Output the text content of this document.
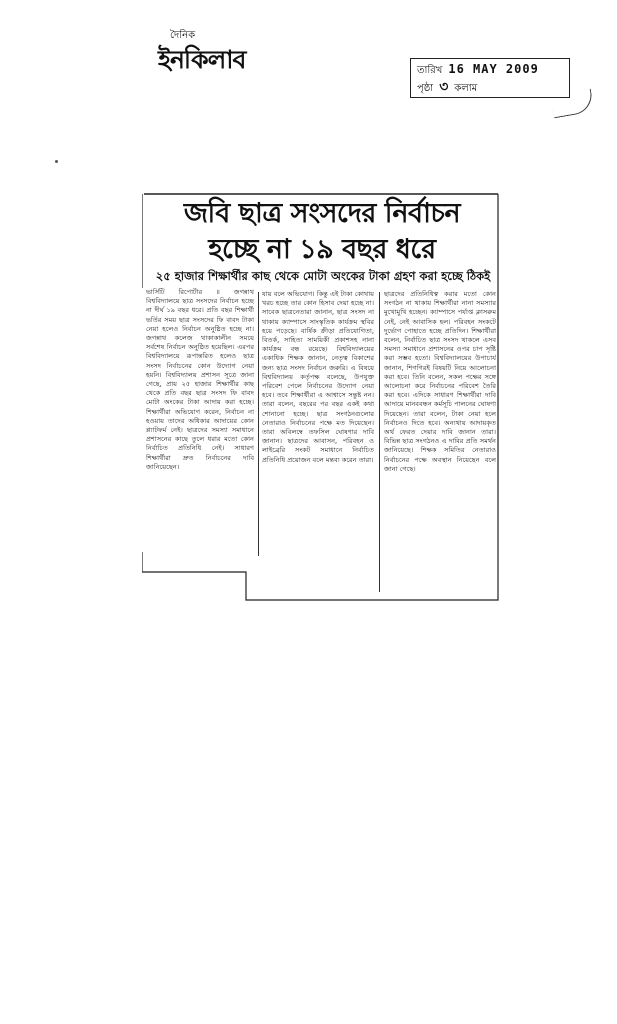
দৈনিক
ইনকিলাব	তারিখ 16 MAY 2009
পৃষ্ঠা ৩ কলাম
জবি ছাত্র সংসদের নির্বাচন
হচ্ছে না ১৯ বছর ধরে
২৫ হাজার শিক্ষার্থীর কাছ থেকে মোটা অংকের টাকা গ্রহণ করা হচ্ছে ঠিকই
ভার্সিটি রিপোর্টার ॥ জগন্নাথ বিশ্ববিদ্যালয়ে ছাত্র সংসদের নির্বাচন হচ্ছে না দীর্ঘ ১৯ বছর ধরে। প্রতি বছর শিক্ষার্থী ভর্তির সময় ছাত্র সংসদের ফি বাবদ টাকা নেয়া হলেও নির্বাচন অনুষ্ঠিত হচ্ছে না। জগন্নাথ কলেজ থাকাকালীন সময়ে সর্বশেষ নির্বাচন অনুষ্ঠিত হয়েছিল। এরপর বিশ্ববিদ্যালয়ে রূপান্তরিত হলেও ছাত্র সংসদ নির্বাচনের কোন উদ্যোগ নেয়া হয়নি। বিশ্ববিদ্যালয় প্রশাসন সূত্রে জানা গেছে, প্রায় ২৫ হাজার শিক্ষার্থীর কাছ থেকে প্রতি বছর ছাত্র সংসদ ফি বাবদ মোটা অংকের টাকা আদায় করা হচ্ছে। শিক্ষার্থীরা অভিযোগ করেন, নির্বাচন না হওয়ায় তাদের অধিকার আদায়ের কোন প্ল্যাটফর্ম নেই। ছাত্রদের সমস্যা সমাধানে প্রশাসনের কাছে তুলে ধরার মতো কোন নির্বাচিত প্রতিনিধি নেই। সাধারণ শিক্ষার্থীরা দ্রুত নির্বাচনের দাবি জানিয়েছেন।
যায় বলে অভিযোগ। কিন্তু এই টাকা কোথায় খরচ হচ্ছে তার কোন হিসাব দেয়া হচ্ছে না। সাবেক ছাত্রনেতারা জানান, ছাত্র সংসদ না থাকায় ক্যাম্পাসে সাংস্কৃতিক কার্যক্রম স্থবির হয়ে পড়েছে। বার্ষিক ক্রীড়া প্রতিযোগিতা, বিতর্ক, সাহিত্য সাময়িকী প্রকাশসহ নানা কার্যক্রম বন্ধ রয়েছে। বিশ্ববিদ্যালয়ের একাধিক শিক্ষক জানান, নেতৃত্ব বিকাশের জন্য ছাত্র সংসদ নির্বাচন জরুরি। এ বিষয়ে বিশ্ববিদ্যালয় কর্তৃপক্ষ বলেছে, উপযুক্ত পরিবেশ পেলে নির্বাচনের উদ্যোগ নেয়া হবে। তবে শিক্ষার্থীরা এ আশ্বাসে সন্তুষ্ট নন। তারা বলেন, বছরের পর বছর একই কথা শোনানো হচ্ছে। ছাত্র সংগঠনগুলোর নেতারাও নির্বাচনের পক্ষে মত দিয়েছেন। তারা অবিলম্বে তফসিল ঘোষণার দাবি জানান। ছাত্রদের আবাসন, পরিবহন ও লাইব্রেরি সংকট সমাধানে নির্বাচিত প্রতিনিধি প্রয়োজন বলে মন্তব্য করেন তারা।
ছাত্রদের প্রতিনিধিত্ব করার মতো কোন সংগঠন না থাকায় শিক্ষার্থীরা নানা সমস্যার মুখোমুখি হচ্ছেন। ক্যাম্পাসে পর্যাপ্ত ক্লাসরুম নেই, নেই আবাসিক হল। পরিবহন সংকটে দুর্ভোগ পোহাতে হচ্ছে প্রতিদিন। শিক্ষার্থীরা বলেন, নির্বাচিত ছাত্র সংসদ থাকলে এসব সমস্যা সমাধানে প্রশাসনের ওপর চাপ সৃষ্টি করা সম্ভব হতো। বিশ্ববিদ্যালয়ের উপাচার্য জানান, শিগগিরই বিষয়টি নিয়ে আলোচনা করা হবে। তিনি বলেন, সকল পক্ষের সঙ্গে আলোচনা করে নির্বাচনের পরিবেশ তৈরি করা হবে। এদিকে সাধারণ শিক্ষার্থীরা দাবি আদায়ে মানববন্ধন কর্মসূচি পালনের ঘোষণা দিয়েছেন। তারা বলেন, টাকা নেয়া হলে নির্বাচনও দিতে হবে। অন্যথায় আদায়কৃত অর্থ ফেরত দেয়ার দাবি জানান তারা। বিভিন্ন ছাত্র সংগঠনও এ দাবির প্রতি সমর্থন জানিয়েছে। শিক্ষক সমিতির নেতারাও নির্বাচনের পক্ষে অবস্থান নিয়েছেন বলে জানা গেছে।
